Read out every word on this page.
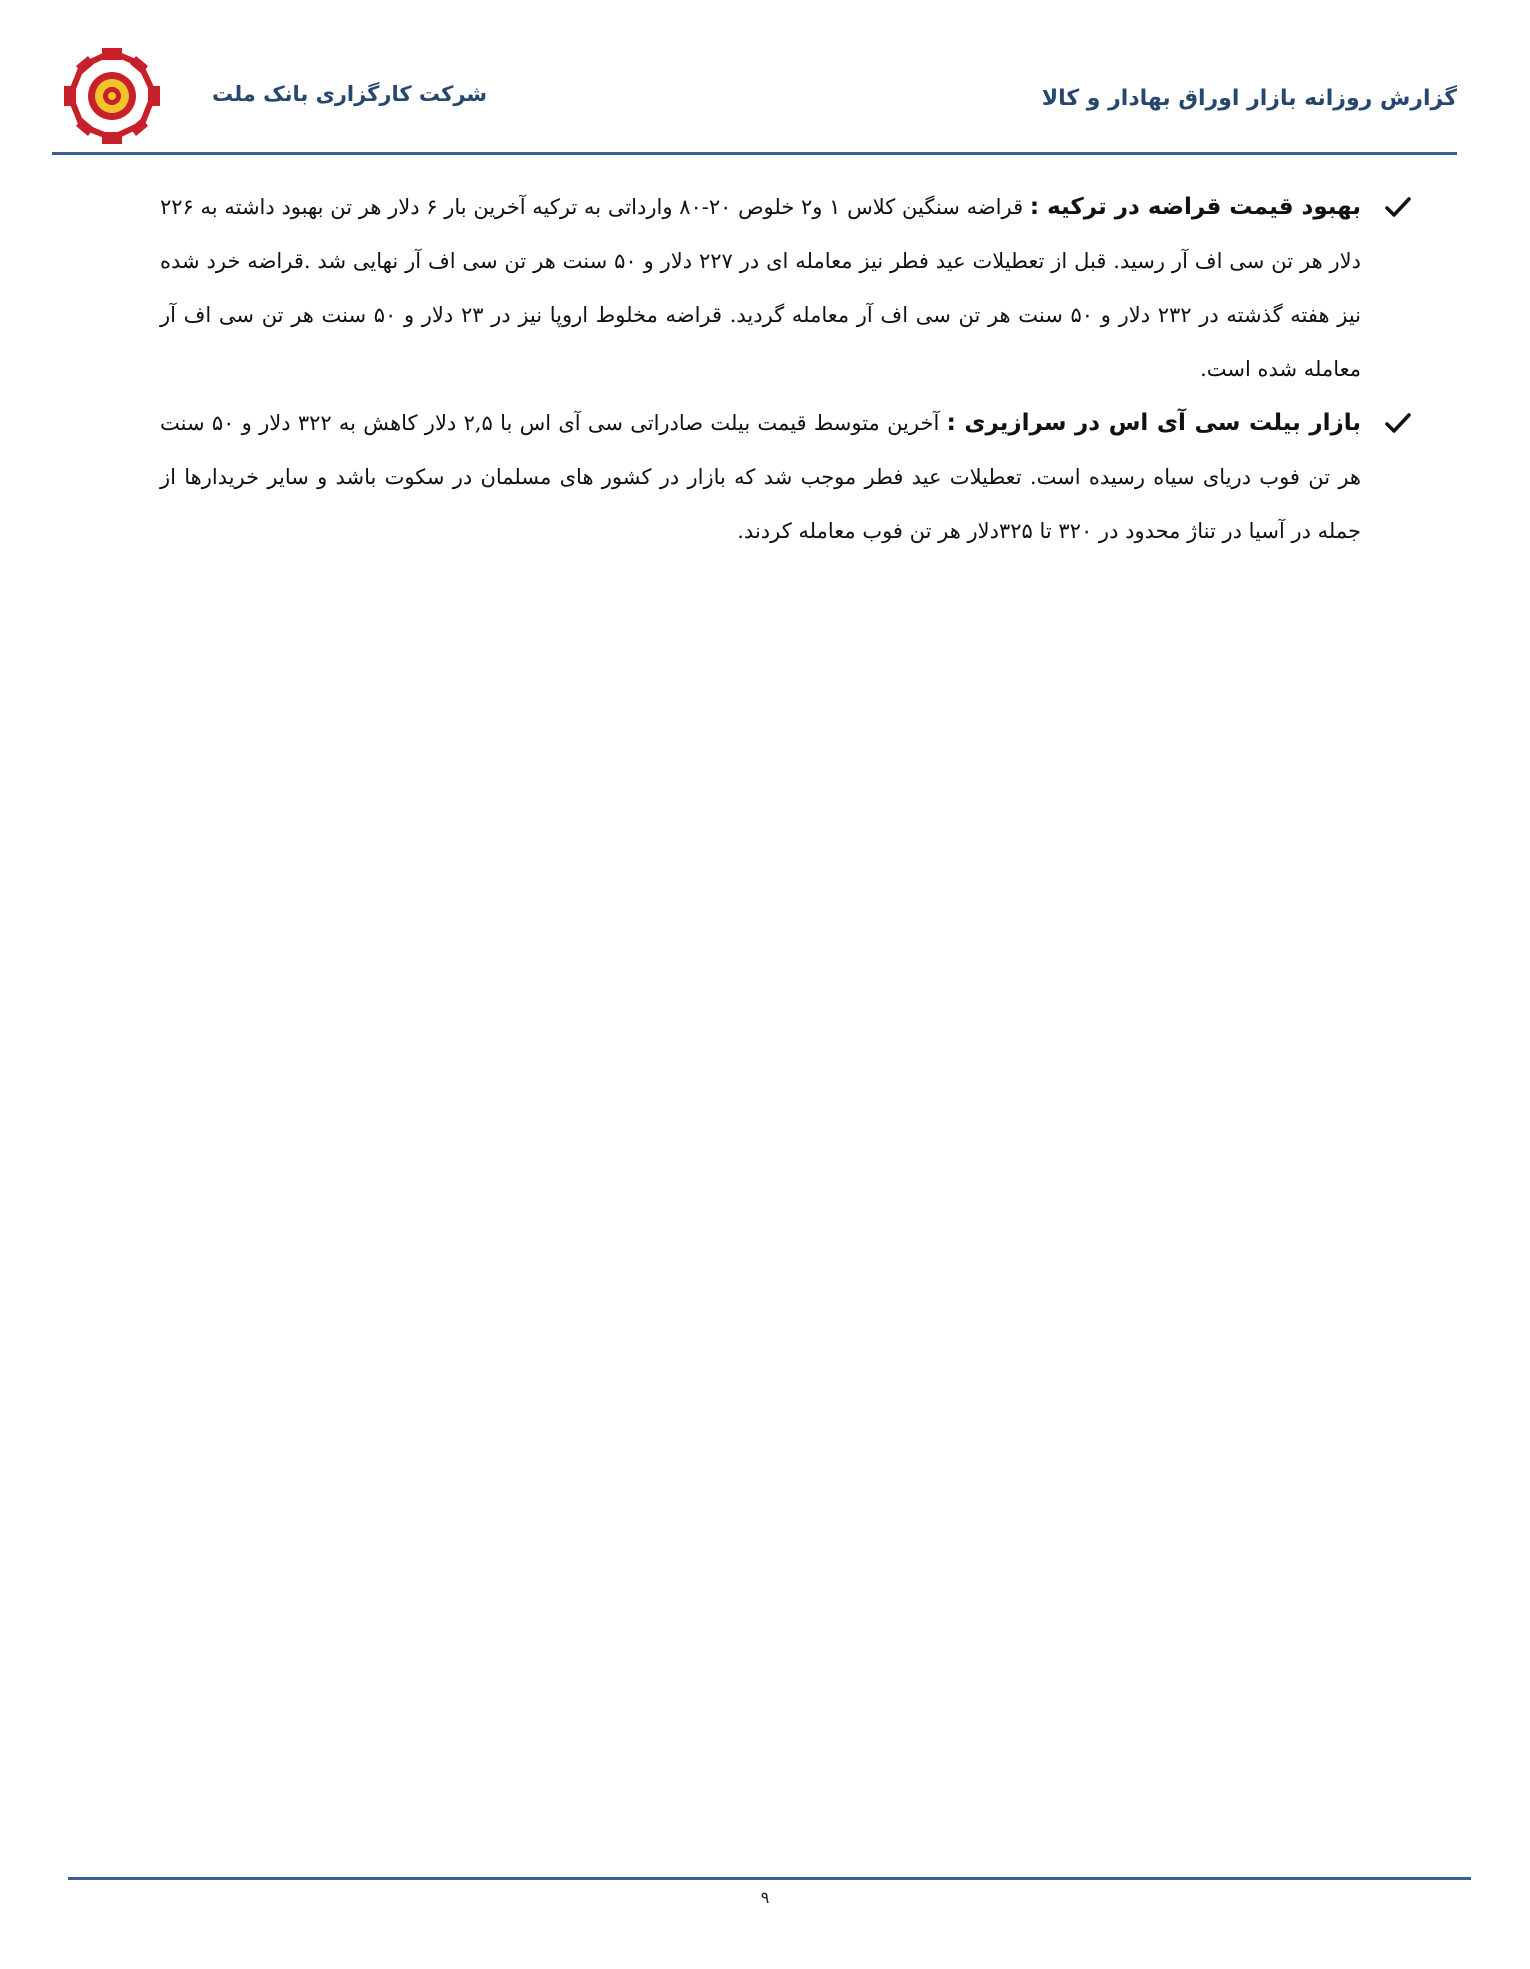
شرکت کارگزاری بانک ملت	گزارش روزانه بازار اوراق بهادار و کالا
بهبود قیمت قراضه در ترکیه : قراضه سنگین کلاس ۱ و۲ خلوص ۲۰-۸۰ وارداتی به ترکیه آخرین بار ۶ دلار هر تن بهبود داشته به ۲۲۶ دلار هر تن سی اف آر رسید. قبل از تعطیلات عید فطر نیز معامله ای در ۲۲۷ دلار و ۵۰ سنت هر تن سی اف آر نهایی شد .قراضه خرد شده نیز هفته گذشته در ۲۳۲ دلار و ۵۰ سنت هر تن سی اف آر معامله گردید. قراضه مخلوط اروپا نیز در ۲۳ دلار و ۵۰ سنت هر تن سی اف آر معامله شده است.
بازار بیلت سی آی اس در سرازیری : آخرین متوسط قیمت بیلت صادراتی سی آی اس با ۲,۵ دلار کاهش به ۳۲۲ دلار و ۵۰ سنت هر تن فوب دریای سیاه رسیده است. تعطیلات عید فطر موجب شد که بازار در کشور های مسلمان در سکوت باشد و سایر خریدارها از جمله در آسیا در تناژ محدود در ۳۲۰ تا ۳۲۵دلار هر تن فوب معامله کردند.
۹
